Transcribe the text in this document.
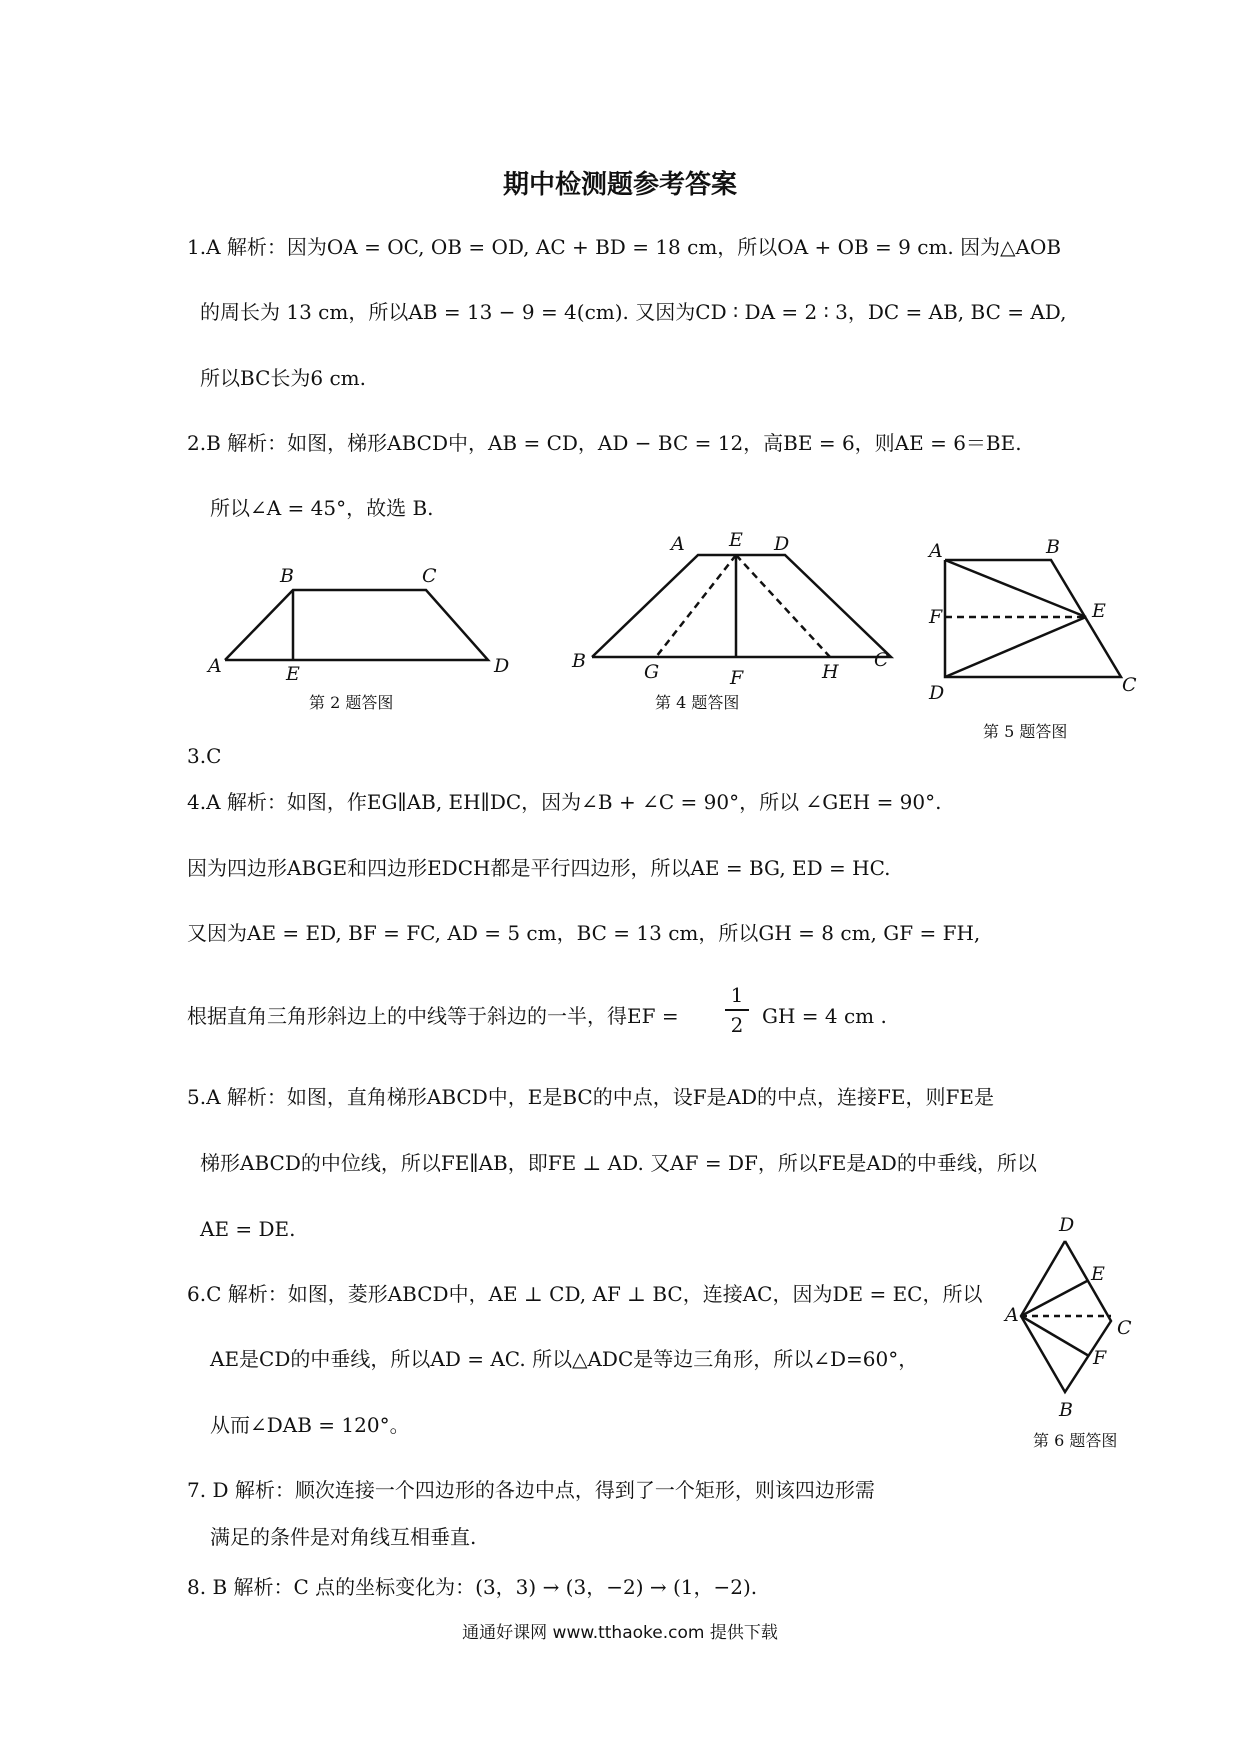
期中检测题参考答案
1.A 解析：因为OA = OC, OB = OD, AC + BD = 18 cm，所以OA + OB = 9 cm. 因为△AOB
的周长为 13 cm，所以AB = 13 − 9 = 4(cm). 又因为CD ∶ DA = 2 ∶ 3，DC = AB, BC = AD,
所以BC长为6 cm.
2.B 解析：如图，梯形ABCD中，AB = CD，AD − BC = 12，高BE = 6，则AE = 6＝BE.
所以∠A = 45°，故选 B.
B	C
A	E	D
第 2 题答图
A E D
B	G	F	H
C
第 4 题答图
A	B
F	E
D	C
第 5 题答图
3.C
4.A 解析：如图，作EG∥AB, EH∥DC，因为∠B + ∠C = 90°，所以 ∠GEH = 90°.
因为四边形ABGE和四边形EDCH都是平行四边形，所以AE = BG, ED = HC.
又因为AE = ED, BF = FC, AD = 5 cm，BC = 13 cm，所以GH = 8 cm, GF = FH,
根据直角三角形斜边上的中线等于斜边的一半，得EF =
1
2 GH = 4 cm .
5.A 解析：如图，直角梯形ABCD中，E是BC的中点，设F是AD的中点，连接FE，则FE是
梯形ABCD的中位线，所以FE∥AB，即FE ⊥ AD. 又AF = DF，所以FE是AD的中垂线，所以
AE = DE.	D
E
A
C
F
B
第 6 题答图
6.C 解析：如图，菱形ABCD中，AE ⊥ CD, AF ⊥ BC，连接AC，因为DE = EC，所以
AE是CD的中垂线，所以AD = AC. 所以△ADC是等边三角形，所以∠D=60°，
从而∠DAB = 120°。
7. D 解析：顺次连接一个四边形的各边中点，得到了一个矩形，则该四边形需
满足的条件是对角线互相垂直.
8. B 解析：C 点的坐标变化为：(3，3) → (3，−2) → (1，−2).
通通好课网 www.tthaoke.com 提供下载
